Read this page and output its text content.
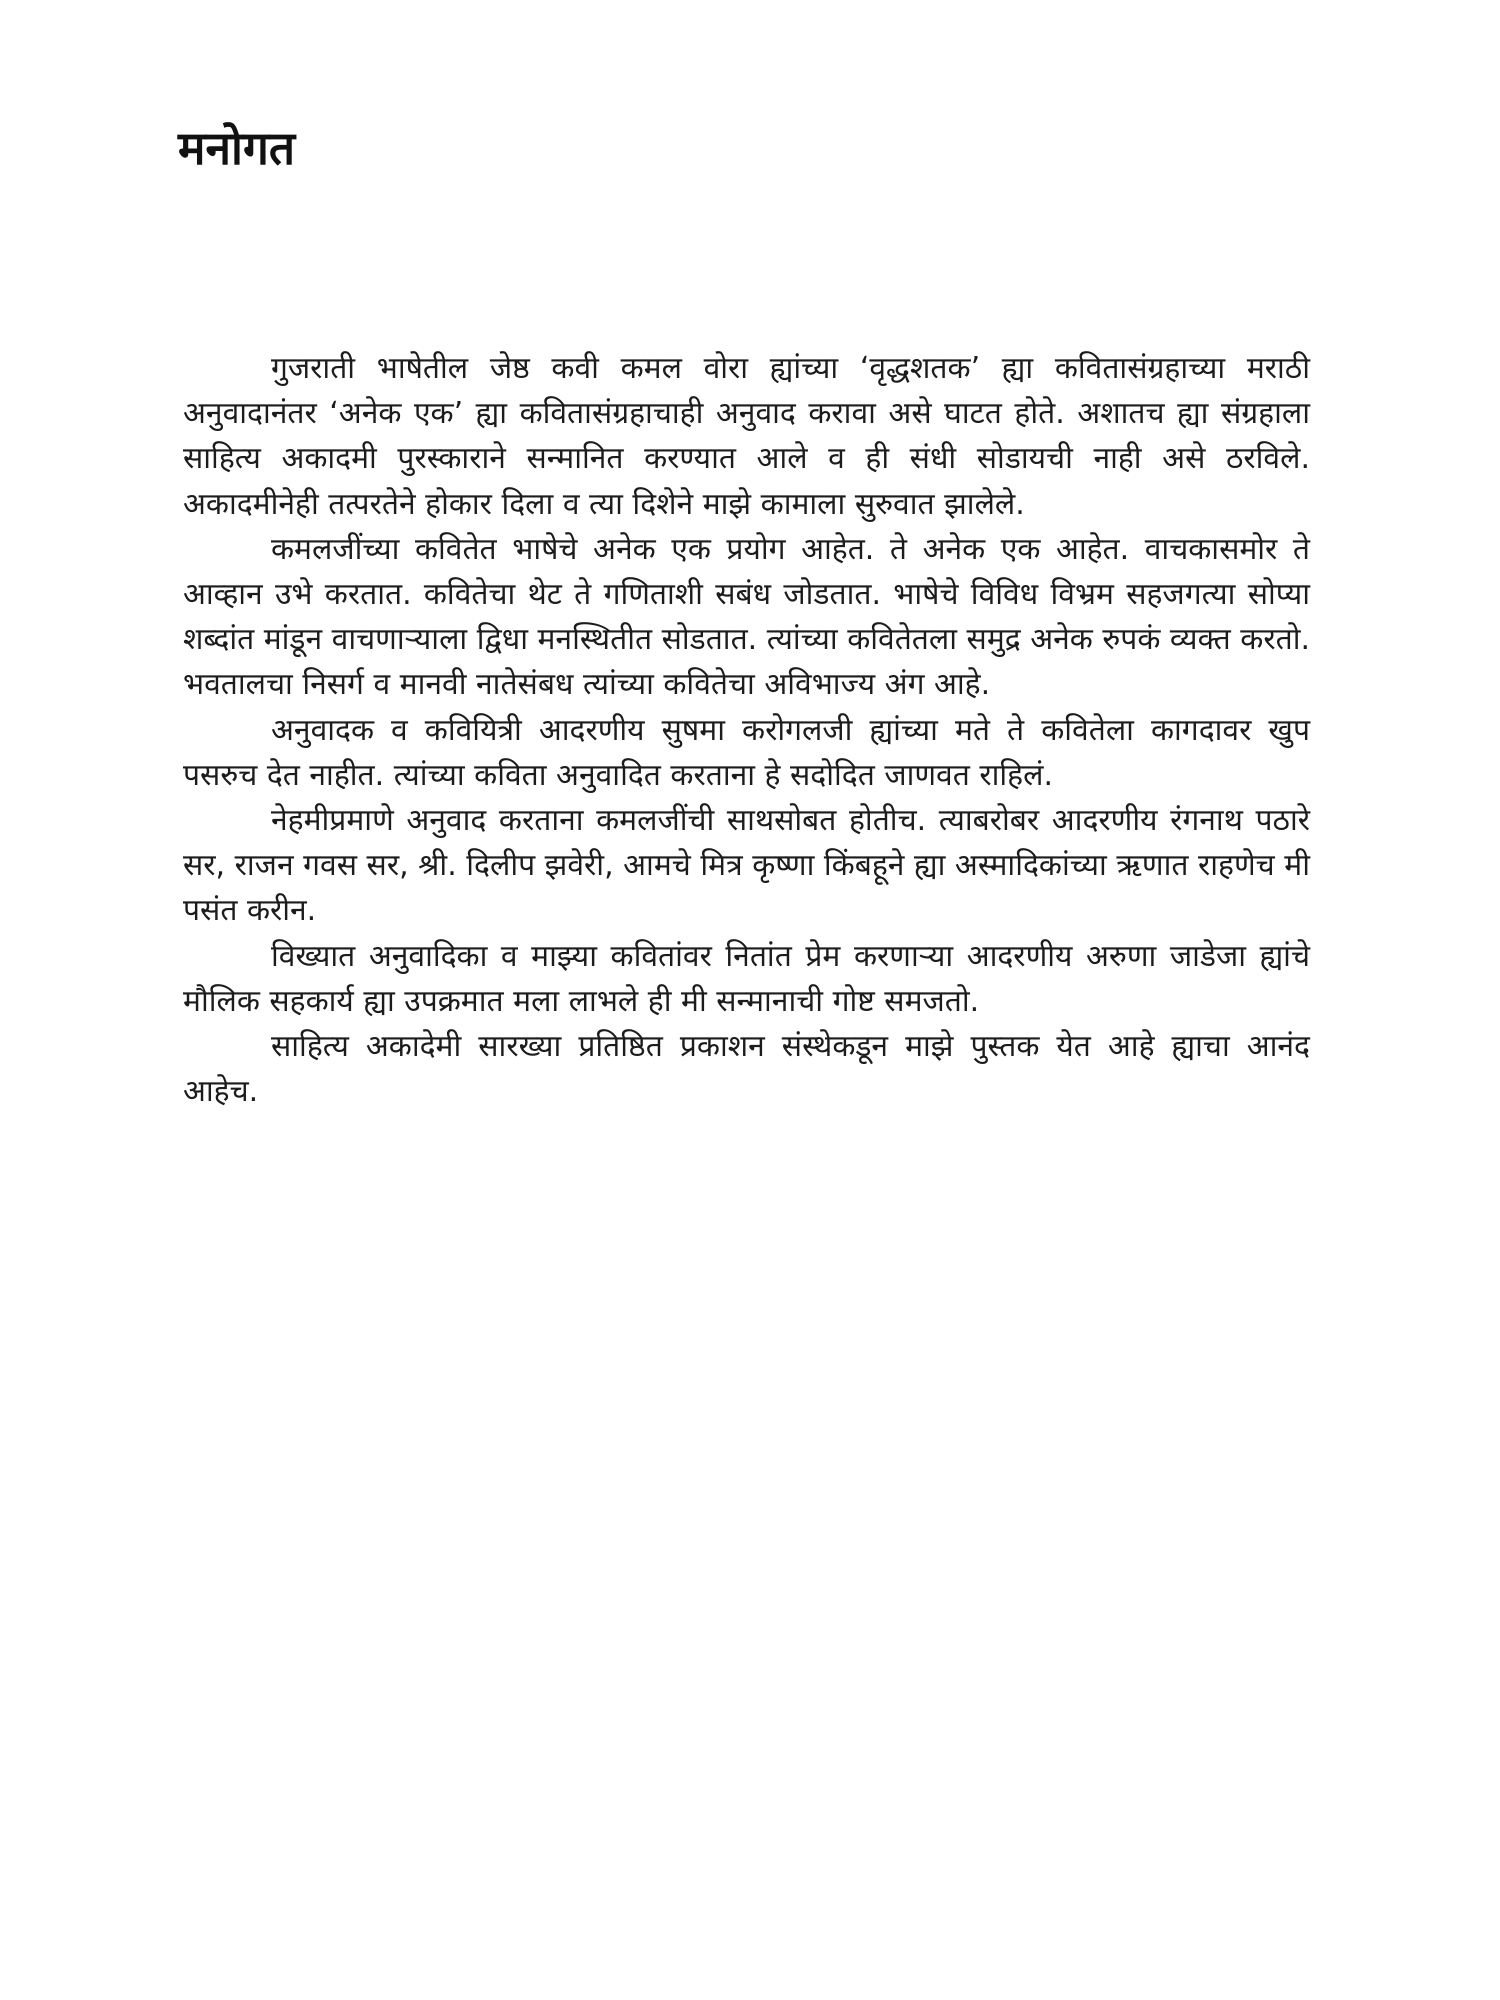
मनोगत

गुजराती भाषेतील जेष्ठ कवी कमल वोरा ह्यांच्या ‘वृद्धशतक’ ह्या कवितासंग्रहाच्या मराठी अनुवादानंतर ‘अनेक एक’ ह्या कवितासंग्रहाचाही अनुवाद करावा असे घाटत होते. अशातच ह्या संग्रहाला साहित्य अकादमी पुरस्काराने सन्मानित करण्यात आले व ही संधी सोडायची नाही असे ठरविले. अकादमीनेही तत्परतेने होकार दिला व त्या दिशेने माझे कामाला सुरुवात झालेले.

कमलजींच्या कवितेत भाषेचे अनेक एक प्रयोग आहेत. ते अनेक एक आहेत. वाचकासमोर ते आव्हान उभे करतात. कवितेचा थेट ते गणिताशी सबंध जोडतात. भाषेचे विविध विभ्रम सहजगत्या सोप्या शब्दांत मांडून वाचणाऱ्याला द्विधा मनस्थितीत सोडतात. त्यांच्या कवितेतला समुद्र अनेक रुपकं व्यक्त करतो. भवतालचा निसर्ग व मानवी नातेसंबध त्यांच्या कवितेचा अविभाज्य अंग आहे.

अनुवादक व कवियित्री आदरणीय सुषमा करोगलजी ह्यांच्या मते ते कवितेला कागदावर खुप पसरुच देत नाहीत. त्यांच्या कविता अनुवादित करताना हे सदोदित जाणवत राहिलं.

नेहमीप्रमाणे अनुवाद करताना कमलजींची साथसोबत होतीच. त्याबरोबर आदरणीय रंगनाथ पठारे सर, राजन गवस सर, श्री. दिलीप झवेरी, आमचे मित्र कृष्णा किंबहूने ह्या अस्मादिकांच्या ऋणात राहणेच मी पसंत करीन.

विख्यात अनुवादिका व माझ्या कवितांवर नितांत प्रेम करणाऱ्या आदरणीय अरुणा जाडेजा ह्यांचे मौलिक सहकार्य ह्या उपक्रमात मला लाभले ही मी सन्मानाची गोष्ट समजतो.

साहित्य अकादेमी सारख्या प्रतिष्ठित प्रकाशन संस्थेकडून माझे पुस्तक येत आहे ह्याचा आनंद आहेच.
